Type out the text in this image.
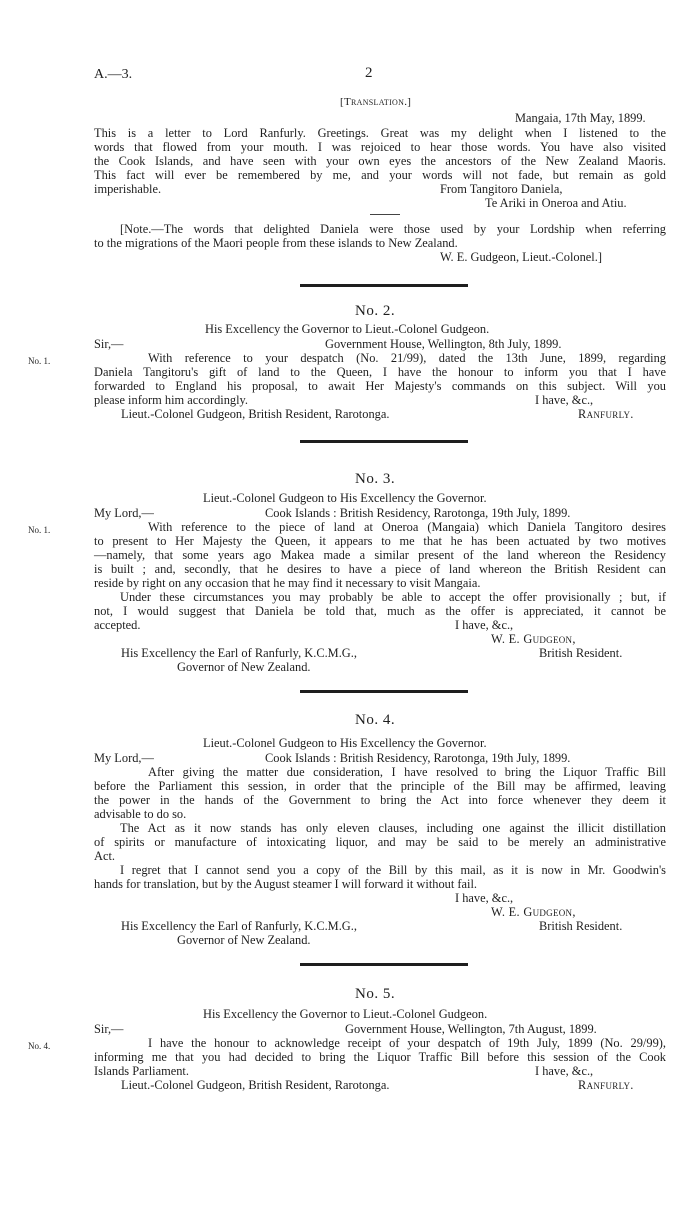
A.—3.	2
[Translation.]
Mangaia, 17th May, 1899.
This is a letter to Lord Ranfurly. Greetings. Great was my delight when I listened to the
words that flowed from your mouth. I was rejoiced to hear those words. You have also visited
the Cook Islands, and have seen with your own eyes the ancestors of the New Zealand Maoris.
This fact will ever be remembered by me, and your words will not fade, but remain as gold
imperishable.	From Tangitoro Daniela,
Te Ariki in Oneroa and Atiu.
[Note.—The words that delighted Daniela were those used by your Lordship when referring
to the migrations of the Maori people from these islands to New Zealand.
W. E. Gudgeon, Lieut.-Colonel.]
No. 2.
His Excellency the Governor to Lieut.-Colonel Gudgeon.
Sir,—	Government House, Wellington, 8th July, 1899.
No. 1.	With reference to your despatch (No. 21/99), dated the 13th June, 1899, regarding
Daniela Tangitoru's gift of land to the Queen, I have the honour to inform you that I have
forwarded to England his proposal, to await Her Majesty's commands on this subject. Will you
please inform him accordingly.	I have, &c.,
Lieut.-Colonel Gudgeon, British Resident, Rarotonga.	Ranfurly.
No. 3.
Lieut.-Colonel Gudgeon to His Excellency the Governor.
My Lord,—	Cook Islands : British Residency, Rarotonga, 19th July, 1899.
No. 1.	With reference to the piece of land at Oneroa (Mangaia) which Daniela Tangitoro desires
to present to Her Majesty the Queen, it appears to me that he has been actuated by two motives
—namely, that some years ago Makea made a similar present of the land whereon the Residency
is built ; and, secondly, that he desires to have a piece of land whereon the British Resident can
reside by right on any occasion that he may find it necessary to visit Mangaia.
Under these circumstances you may probably be able to accept the offer provisionally ; but, if
not, I would suggest that Daniela be told that, much as the offer is appreciated, it cannot be
accepted.	I have, &c.,
W. E. Gudgeon,
His Excellency the Earl of Ranfurly, K.C.M.G.,	British Resident.
Governor of New Zealand.
No. 4.
Lieut.-Colonel Gudgeon to His Excellency the Governor.
My Lord,—	Cook Islands : British Residency, Rarotonga, 19th July, 1899.
After giving the matter due consideration, I have resolved to bring the Liquor Traffic Bill
before the Parliament this session, in order that the principle of the Bill may be affirmed, leaving
the power in the hands of the Government to bring the Act into force whenever they deem it
advisable to do so.
The Act as it now stands has only eleven clauses, including one against the illicit distillation
of spirits or manufacture of intoxicating liquor, and may be said to be merely an administrative
Act.
I regret that I cannot send you a copy of the Bill by this mail, as it is now in Mr. Goodwin's
hands for translation, but by the August steamer I will forward it without fail.
I have, &c.,
W. E. Gudgeon,
His Excellency the Earl of Ranfurly, K.C.M.G.,	British Resident.
Governor of New Zealand.
No. 5.
His Excellency the Governor to Lieut.-Colonel Gudgeon.
Sir,—	Government House, Wellington, 7th August, 1899.
No. 4.	I have the honour to acknowledge receipt of your despatch of 19th July, 1899 (No. 29/99),
informing me that you had decided to bring the Liquor Traffic Bill before this session of the Cook
Islands Parliament.	I have, &c.,
Lieut.-Colonel Gudgeon, British Resident, Rarotonga.	Ranfurly.
